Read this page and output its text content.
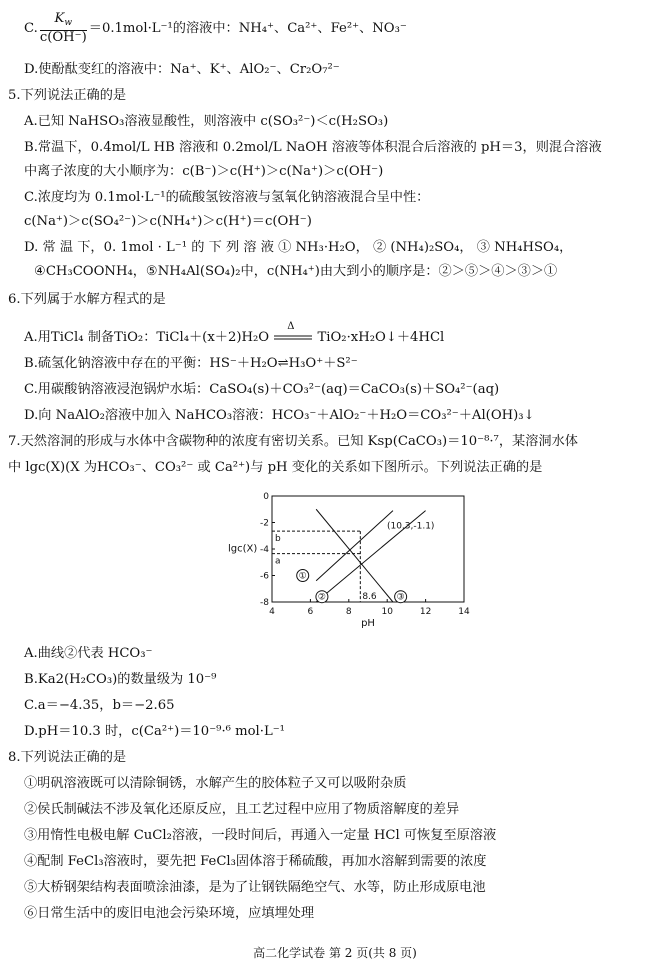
C. $\frac{K_w}{c(OH^-)} =0.1mol\cdot L^{-1}$的溶液中：NH₄⁺、Ca²⁺、Fe²⁺、NO₃⁻
D.使酚酞变红的溶液中：Na⁺、K⁺、AlO₂⁻、Cr₂O₇²⁻
5.下列说法正确的是
A.已知 NaHSO₃溶液显酸性，则溶液中 c(SO₃²⁻)＜c(H₂SO₃)
B.常温下，0.4mol/L HB 溶液和 0.2mol/L NaOH 溶液等体积混合后溶液的 pH＝3，则混合溶液
中离子浓度的大小顺序为：c(B⁻)＞c(H⁺)＞c(Na⁺)＞c(OH⁻)
C.浓度均为 0.1mol·L⁻¹的硫酸氢铵溶液与氢氧化钠溶液混合呈中性：
c(Na⁺)＞c(SO₄²⁻)＞c(NH₄⁺)＞c(H⁺)＝c(OH⁻)
D. 常 温 下，0. 1mol · L⁻¹ 的 下 列 溶 液 ① NH₃·H₂O， ② (NH₄)₂SO₄， ③ NH₄HSO₄，
④CH₃COONH₄，⑤NH₄Al(SO₄)₂中，c(NH₄⁺)由大到小的顺序是：②＞⑤＞④＞③＞①
6.下列属于水解方程式的是
A.用TiCl₄ 制备TiO₂：TiCl₄＋(x＋2)H₂O
Δ
TiO₂·xH₂O↓＋4HCl
B.硫氢化钠溶液中存在的平衡：HS⁻＋H₂O⇌H₃O⁺＋S²⁻
C.用碳酸钠溶液浸泡锅炉水垢：CaSO₄(s)＋CO₃²⁻(aq)＝CaCO₃(s)＋SO₄²⁻(aq)
D.向 NaAlO₂溶液中加入 NaHCO₃溶液：HCO₃⁻＋AlO₂⁻＋H₂O＝CO₃²⁻＋Al(OH)₃↓
7.天然溶洞的形成与水体中含碳物种的浓度有密切关系。已知 Ksp(CaCO₃)＝10⁻⁸·⁷，某溶洞水体
中 lgc(X)(X 为HCO₃⁻、CO₃²⁻ 或 Ca²⁺)与 pH 变化的关系如下图所示。下列说法正确的是
4	6	8	10	12	14
0
-2
-4
-6
-8
pH
lgc(X)
b
a
8.6
(10.3,-1.1)
①
②	③
A.曲线②代表 HCO₃⁻
B.Ka2(H₂CO₃)的数量级为 10⁻⁹
C.a＝−4.35，b＝−2.65
D.pH＝10.3 时，c(Ca²⁺)＝10⁻⁹·⁶ mol·L⁻¹
8.下列说法正确的是
①明矾溶液既可以清除铜锈，水解产生的胶体粒子又可以吸附杂质
②侯氏制碱法不涉及氧化还原反应，且工艺过程中应用了物质溶解度的差异
③用惰性电极电解 CuCl₂溶液，一段时间后，再通入一定量 HCl 可恢复至原溶液
④配制 FeCl₃溶液时，要先把 FeCl₃固体溶于稀硫酸，再加水溶解到需要的浓度
⑤大桥钢架结构表面喷涂油漆，是为了让钢铁隔绝空气、水等，防止形成原电池
⑥日常生活中的废旧电池会污染环境，应填埋处理
高二化学试卷 第 2 页(共 8 页)
